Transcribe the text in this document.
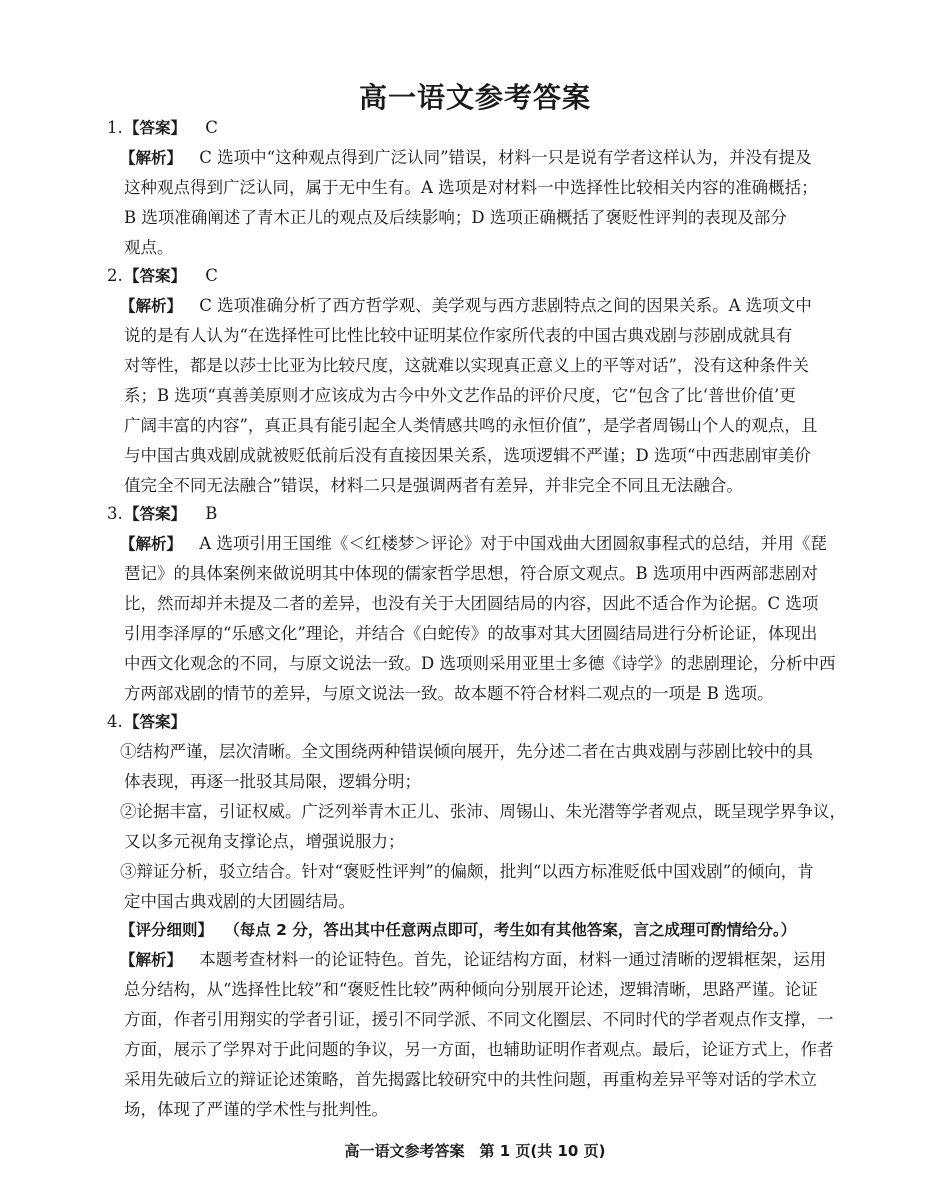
高一语文参考答案
1. 【答案】 C
【解析】 C 选项中“这种观点得到广泛认同”错误，材料一只是说有学者这样认为，并没有提及
这种观点得到广泛认同，属于无中生有。A 选项是对材料一中选择性比较相关内容的准确概括；
B 选项准确阐述了青木正儿的观点及后续影响；D 选项正确概括了褒贬性评判的表现及部分
观点。
2. 【答案】 C
【解析】 C 选项准确分析了西方哲学观、美学观与西方悲剧特点之间的因果关系。A 选项文中
说的是有人认为“在选择性可比性比较中证明某位作家所代表的中国古典戏剧与莎剧成就具有
对等性，都是以莎士比亚为比较尺度，这就难以实现真正意义上的平等对话”，没有这种条件关
系；B 选项“真善美原则才应该成为古今中外文艺作品的评价尺度，它“包含了比‘普世价值’更
广阔丰富的内容”，真正具有能引起全人类情感共鸣的永恒价值”，是学者周锡山个人的观点，且
与中国古典戏剧成就被贬低前后没有直接因果关系，选项逻辑不严谨；D 选项“中西悲剧审美价
值完全不同无法融合”错误，材料二只是强调两者有差异，并非完全不同且无法融合。
3. 【答案】 B
【解析】 A 选项引用王国维《＜红楼梦＞评论》对于中国戏曲大团圆叙事程式的总结，并用《琵
琶记》的具体案例来做说明其中体现的儒家哲学思想，符合原文观点。B 选项用中西两部悲剧对
比，然而却并未提及二者的差异，也没有关于大团圆结局的内容，因此不适合作为论据。C 选项
引用李泽厚的“乐感文化”理论，并结合《白蛇传》的故事对其大团圆结局进行分析论证，体现出
中西文化观念的不同，与原文说法一致。D 选项则采用亚里士多德《诗学》的悲剧理论，分析中西
方两部戏剧的情节的差异，与原文说法一致。故本题不符合材料二观点的一项是 B 选项。
4. 【答案】
①结构严谨，层次清晰。全文围绕两种错误倾向展开，先分述二者在古典戏剧与莎剧比较中的具
体表现，再逐一批驳其局限，逻辑分明；
②论据丰富，引证权威。广泛列举青木正儿、张沛、周锡山、朱光潜等学者观点，既呈现学界争议，
又以多元视角支撑论点，增强说服力；
③辩证分析，驳立结合。针对“褒贬性评判”的偏颇，批判“以西方标准贬低中国戏剧”的倾向，肯
定中国古典戏剧的大团圆结局。
【评分细则】 （每点 2 分，答出其中任意两点即可，考生如有其他答案，言之成理可酌情给分。）
【解析】 本题考查材料一的论证特色。首先，论证结构方面，材料一通过清晰的逻辑框架，运用
总分结构，从“选择性比较”和“褒贬性比较”两种倾向分别展开论述，逻辑清晰，思路严谨。论证
方面，作者引用翔实的学者引证，援引不同学派、不同文化圈层、不同时代的学者观点作支撑，一
方面，展示了学界对于此问题的争议，另一方面，也辅助证明作者观点。最后，论证方式上，作者
采用先破后立的辩证论述策略，首先揭露比较研究中的共性问题，再重构差异平等对话的学术立
场，体现了严谨的学术性与批判性。
高一语文参考答案　第 1 页(共 10 页)
